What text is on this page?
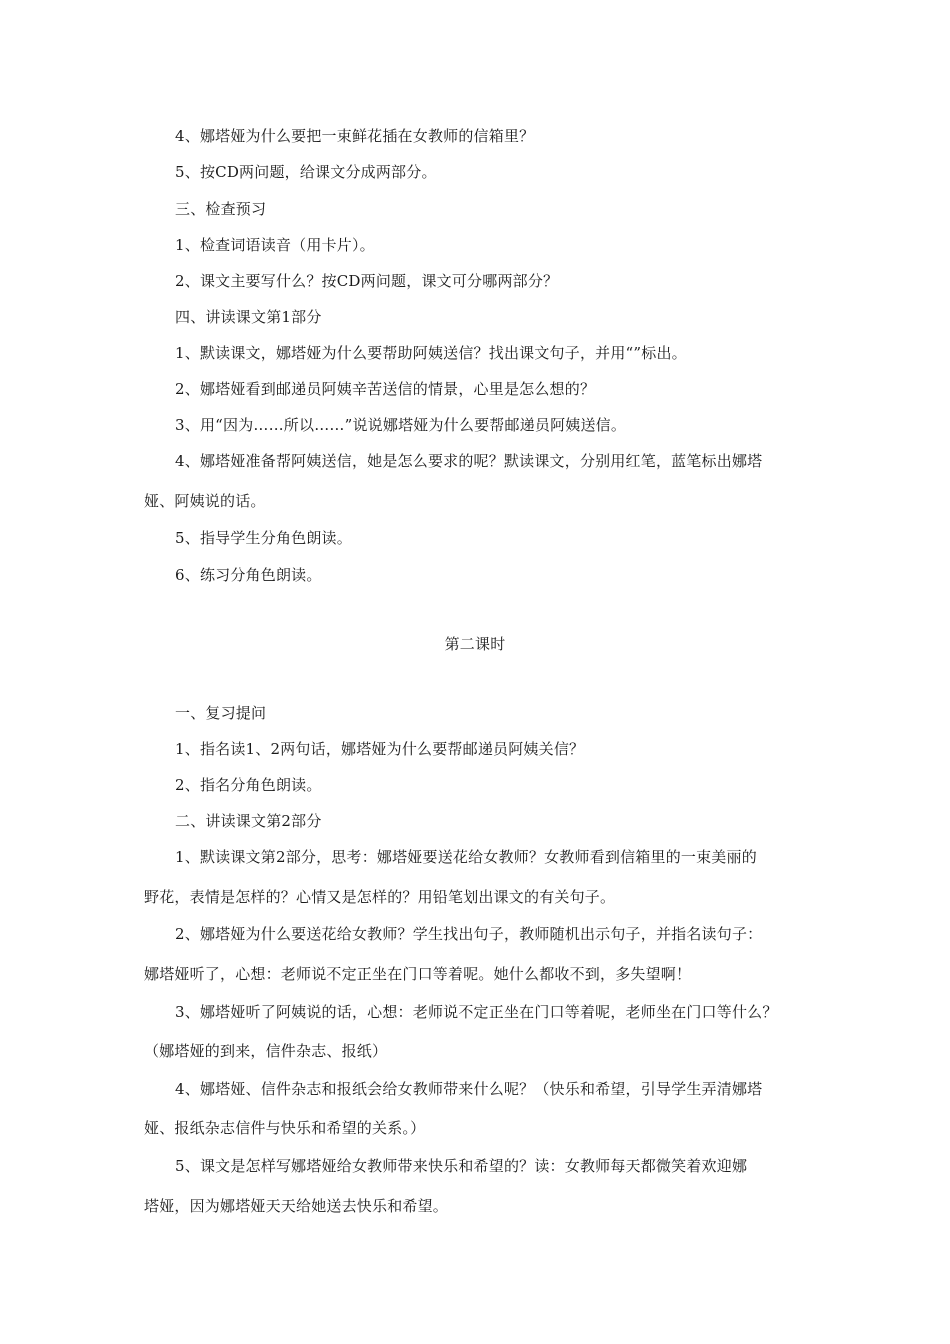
4、娜塔娅为什么要把一束鲜花插在女教师的信箱里？
5、按CD两问题，给课文分成两部分。
三、检查预习
1、检查词语读音（用卡片）。
2、课文主要写什么？按CD两问题，课文可分哪两部分？
四、讲读课文第1部分
1、默读课文，娜塔娅为什么要帮助阿姨送信？找出课文句子，并用“”标出。
2、娜塔娅看到邮递员阿姨辛苦送信的情景，心里是怎么想的？
3、用“因为……所以……”说说娜塔娅为什么要帮邮递员阿姨送信。
4、娜塔娅准备帮阿姨送信，她是怎么要求的呢？默读课文，分别用红笔，蓝笔标出娜塔
娅、阿姨说的话。
5、指导学生分角色朗读。
6、练习分角色朗读。
第二课时
一、复习提问
1、指名读1、2两句话，娜塔娅为什么要帮邮递员阿姨关信？
2、指名分角色朗读。
二、讲读课文第2部分
1、默读课文第2部分，思考：娜塔娅要送花给女教师？女教师看到信箱里的一束美丽的
野花，表情是怎样的？心情又是怎样的？用铅笔划出课文的有关句子。
2、娜塔娅为什么要送花给女教师？学生找出句子，教师随机出示句子，并指名读句子：
娜塔娅听了，心想：老师说不定正坐在门口等着呢。她什么都收不到，多失望啊！
3、娜塔娅听了阿姨说的话，心想：老师说不定正坐在门口等着呢，老师坐在门口等什么？
（娜塔娅的到来，信件杂志、报纸）
4、娜塔娅、信件杂志和报纸会给女教师带来什么呢？（快乐和希望，引导学生弄清娜塔
娅、报纸杂志信件与快乐和希望的关系。）
5、课文是怎样写娜塔娅给女教师带来快乐和希望的？读：女教师每天都微笑着欢迎娜
塔娅，因为娜塔娅天天给她送去快乐和希望。
